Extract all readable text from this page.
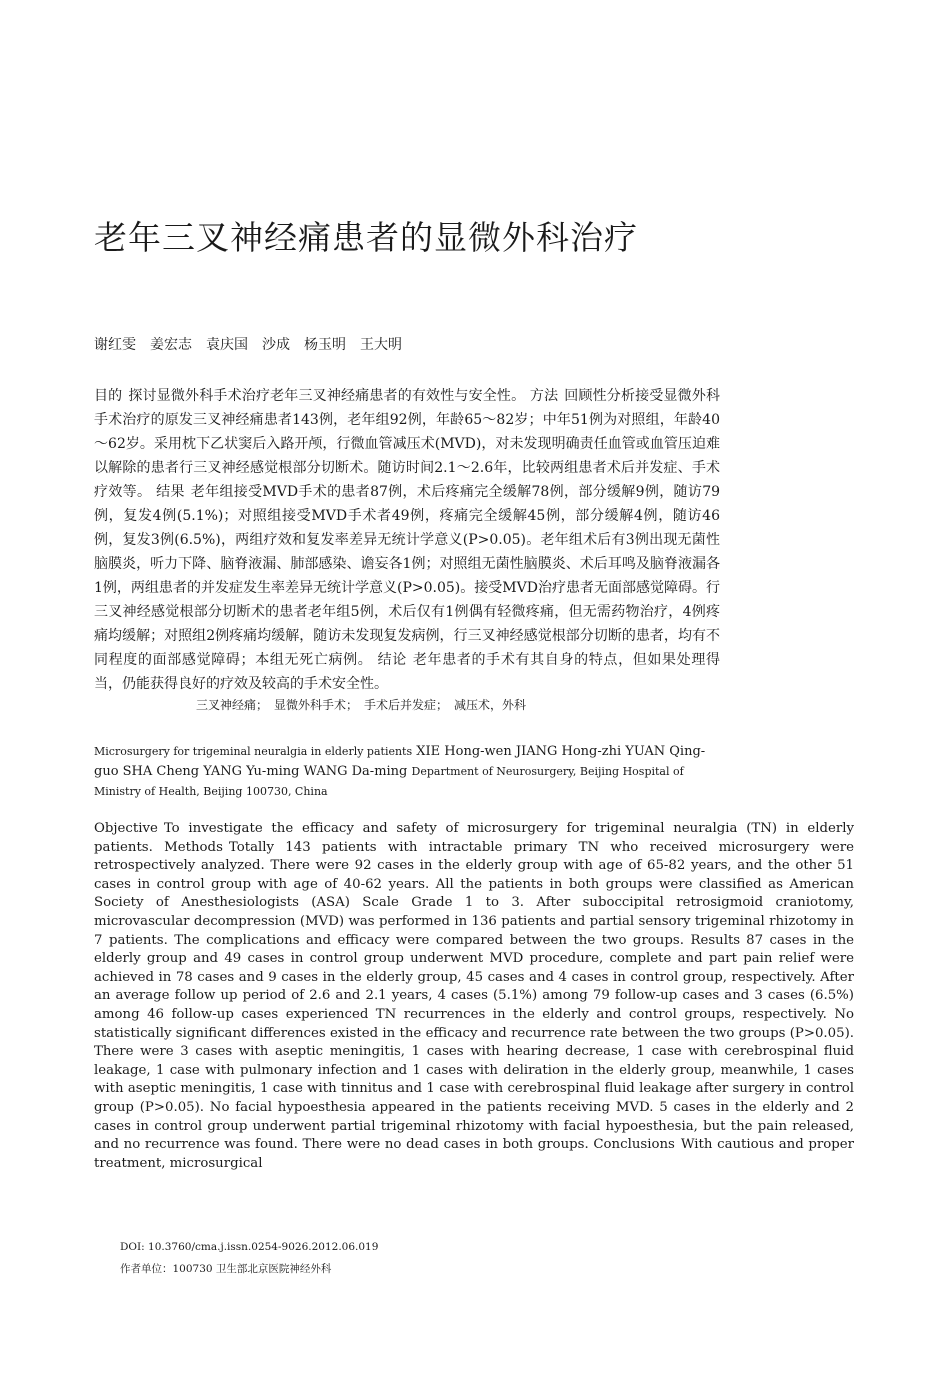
老年三叉神经痛患者的显微外科治疗
谢红雯　姜宏志　袁庆国　沙成　杨玉明　王大明
目的 探讨显微外科手术治疗老年三叉神经痛患者的有效性与安全性。 方法 回顾性分析接受显微外科手术治疗的原发三叉神经痛患者143例，老年组92例，年龄65～82岁；中年51例为对照组，年龄40～62岁。采用枕下乙状窦后入路开颅，行微血管减压术(MVD)，对未发现明确责任血管或血管压迫难以解除的患者行三叉神经感觉根部分切断术。随访时间2.1～2.6年，比较两组患者术后并发症、手术疗效等。 结果 老年组接受MVD手术的患者87例，术后疼痛完全缓解78例，部分缓解9例，随访79例，复发4例(5.1%)；对照组接受MVD手术者49例，疼痛完全缓解45例，部分缓解4例，随访46例，复发3例(6.5%)，两组疗效和复发率差异无统计学意义(P>0.05)。老年组术后有3例出现无菌性脑膜炎，听力下降、脑脊液漏、肺部感染、谵妄各1例；对照组无菌性脑膜炎、术后耳鸣及脑脊液漏各1例，两组患者的并发症发生率差异无统计学意义(P>0.05)。接受MVD治疗患者无面部感觉障碍。行三叉神经感觉根部分切断术的患者老年组5例，术后仅有1例偶有轻微疼痛，但无需药物治疗，4例疼痛均缓解；对照组2例疼痛均缓解，随访未发现复发病例，行三叉神经感觉根部分切断的患者，均有不同程度的面部感觉障碍；本组无死亡病例。 结论 老年患者的手术有其自身的特点，但如果处理得当，仍能获得良好的疗效及较高的手术安全性。
三叉神经痛；　显微外科手术；　手术后并发症；　减压术，外科
Microsurgery for trigeminal neuralgia in elderly patients XIE Hong-wen JIANG Hong-zhi YUAN Qing-guo SHA Cheng YANG Yu-ming WANG Da-ming Department of Neurosurgery, Beijing Hospital of Ministry of Health, Beijing 100730, China
Objective To investigate the efficacy and safety of microsurgery for trigeminal neuralgia (TN) in elderly patients. Methods Totally 143 patients with intractable primary TN who received microsurgery were retrospectively analyzed. There were 92 cases in the elderly group with age of 65-82 years, and the other 51 cases in control group with age of 40-62 years. All the patients in both groups were classified as American Society of Anesthesiologists (ASA) Scale Grade 1 to 3. After suboccipital retrosigmoid craniotomy, microvascular decompression (MVD) was performed in 136 patients and partial sensory trigeminal rhizotomy in 7 patients. The complications and efficacy were compared between the two groups. Results 87 cases in the elderly group and 49 cases in control group underwent MVD procedure, complete and part pain relief were achieved in 78 cases and 9 cases in the elderly group, 45 cases and 4 cases in control group, respectively. After an average follow up period of 2.6 and 2.1 years, 4 cases (5.1%) among 79 follow-up cases and 3 cases (6.5%) among 46 follow-up cases experienced TN recurrences in the elderly and control groups, respectively. No statistically significant differences existed in the efficacy and recurrence rate between the two groups (P>0.05). There were 3 cases with aseptic meningitis, 1 cases with hearing decrease, 1 case with cerebrospinal fluid leakage, 1 case with pulmonary infection and 1 cases with deliration in the elderly group, meanwhile, 1 cases with aseptic meningitis, 1 case with tinnitus and 1 case with cerebrospinal fluid leakage after surgery in control group (P>0.05). No facial hypoesthesia appeared in the patients receiving MVD. 5 cases in the elderly and 2 cases in control group underwent partial trigeminal rhizotomy with facial hypoesthesia, but the pain released, and no recurrence was found. There were no dead cases in both groups. Conclusions With cautious and proper treatment, microsurgical
DOI: 10.3760/cma.j.issn.0254-9026.2012.06.019
作者单位：100730 卫生部北京医院神经外科
